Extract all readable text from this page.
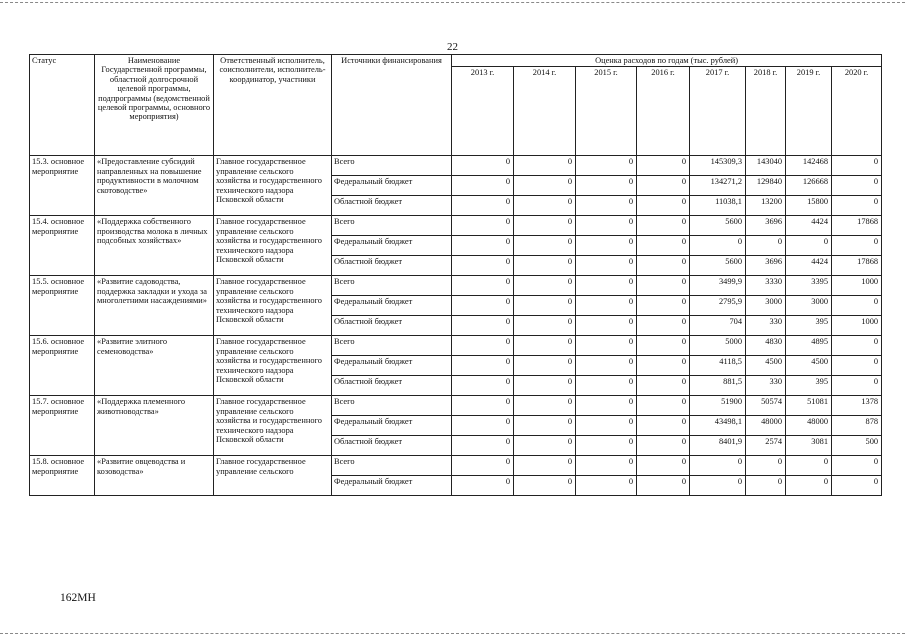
22
Статус	Наименование Государственной программы, областной долгосрочной целевой программы, подпрограммы (ведомственной целевой программы, основного мероприятия)	Ответственный исполнитель, соисполнители, исполнитель-координатор, участники	Источники финансирования	Оценка расходов по годам (тыс. рублей)							
				2013 г.	2014 г.	2015 г.	2016 г.	2017 г.	2018 г.	2019 г.	2020 г.
15.3. основное мероприятие	«Предоставление субсидий направленных на повышение продуктивности в молочном скотоводстве»	Главное государственное управление сельского хозяйства и государственного технического надзора Псковской области	Всего	0	0	0	0	145309,3	143040	142468	0
			Федеральный бюджет	0	0	0	0	134271,2	129840	126668	0
			Областной бюджет	0	0	0	0	11038,1	13200	15800	0
15.4. основное мероприятие	«Поддержка собственного производства молока в личных подсобных хозяйствах»	Главное государственное управление сельского хозяйства и государственного технического надзора Псковской области	Всего	0	0	0	0	5600	3696	4424	17868
			Федеральный бюджет	0	0	0	0	0	0	0	0
			Областной бюджет	0	0	0	0	5600	3696	4424	17868
15.5. основное мероприятие	«Развитие садоводства, поддержка закладки и ухода за многолетними насаждениями»	Главное государственное управление сельского хозяйства и государственного технического надзора Псковской области	Всего	0	0	0	0	3499,9	3330	3395	1000
			Федеральный бюджет	0	0	0	0	2795,9	3000	3000	0
			Областной бюджет	0	0	0	0	704	330	395	1000
15.6. основное мероприятие	«Развитие элитного семеноводства»	Главное государственное управление сельского хозяйства и государственного технического надзора Псковской области	Всего	0	0	0	0	5000	4830	4895	0
			Федеральный бюджет	0	0	0	0	4118,5	4500	4500	0
			Областной бюджет	0	0	0	0	881,5	330	395	0
15.7. основное мероприятие	«Поддержка племенного животноводства»	Главное государственное управление сельского хозяйства и государственного технического надзора Псковской области	Всего	0	0	0	0	51900	50574	51081	1378
			Федеральный бюджет	0	0	0	0	43498,1	48000	48000	878
			Областной бюджет	0	0	0	0	8401,9	2574	3081	500
15.8. основное мероприятие	«Развитие овцеводства и козоводства»	Главное государственное управление сельского	Всего	0	0	0	0	0	0	0	0
			Федеральный бюджет	0	0	0	0	0	0	0	0
162МН
